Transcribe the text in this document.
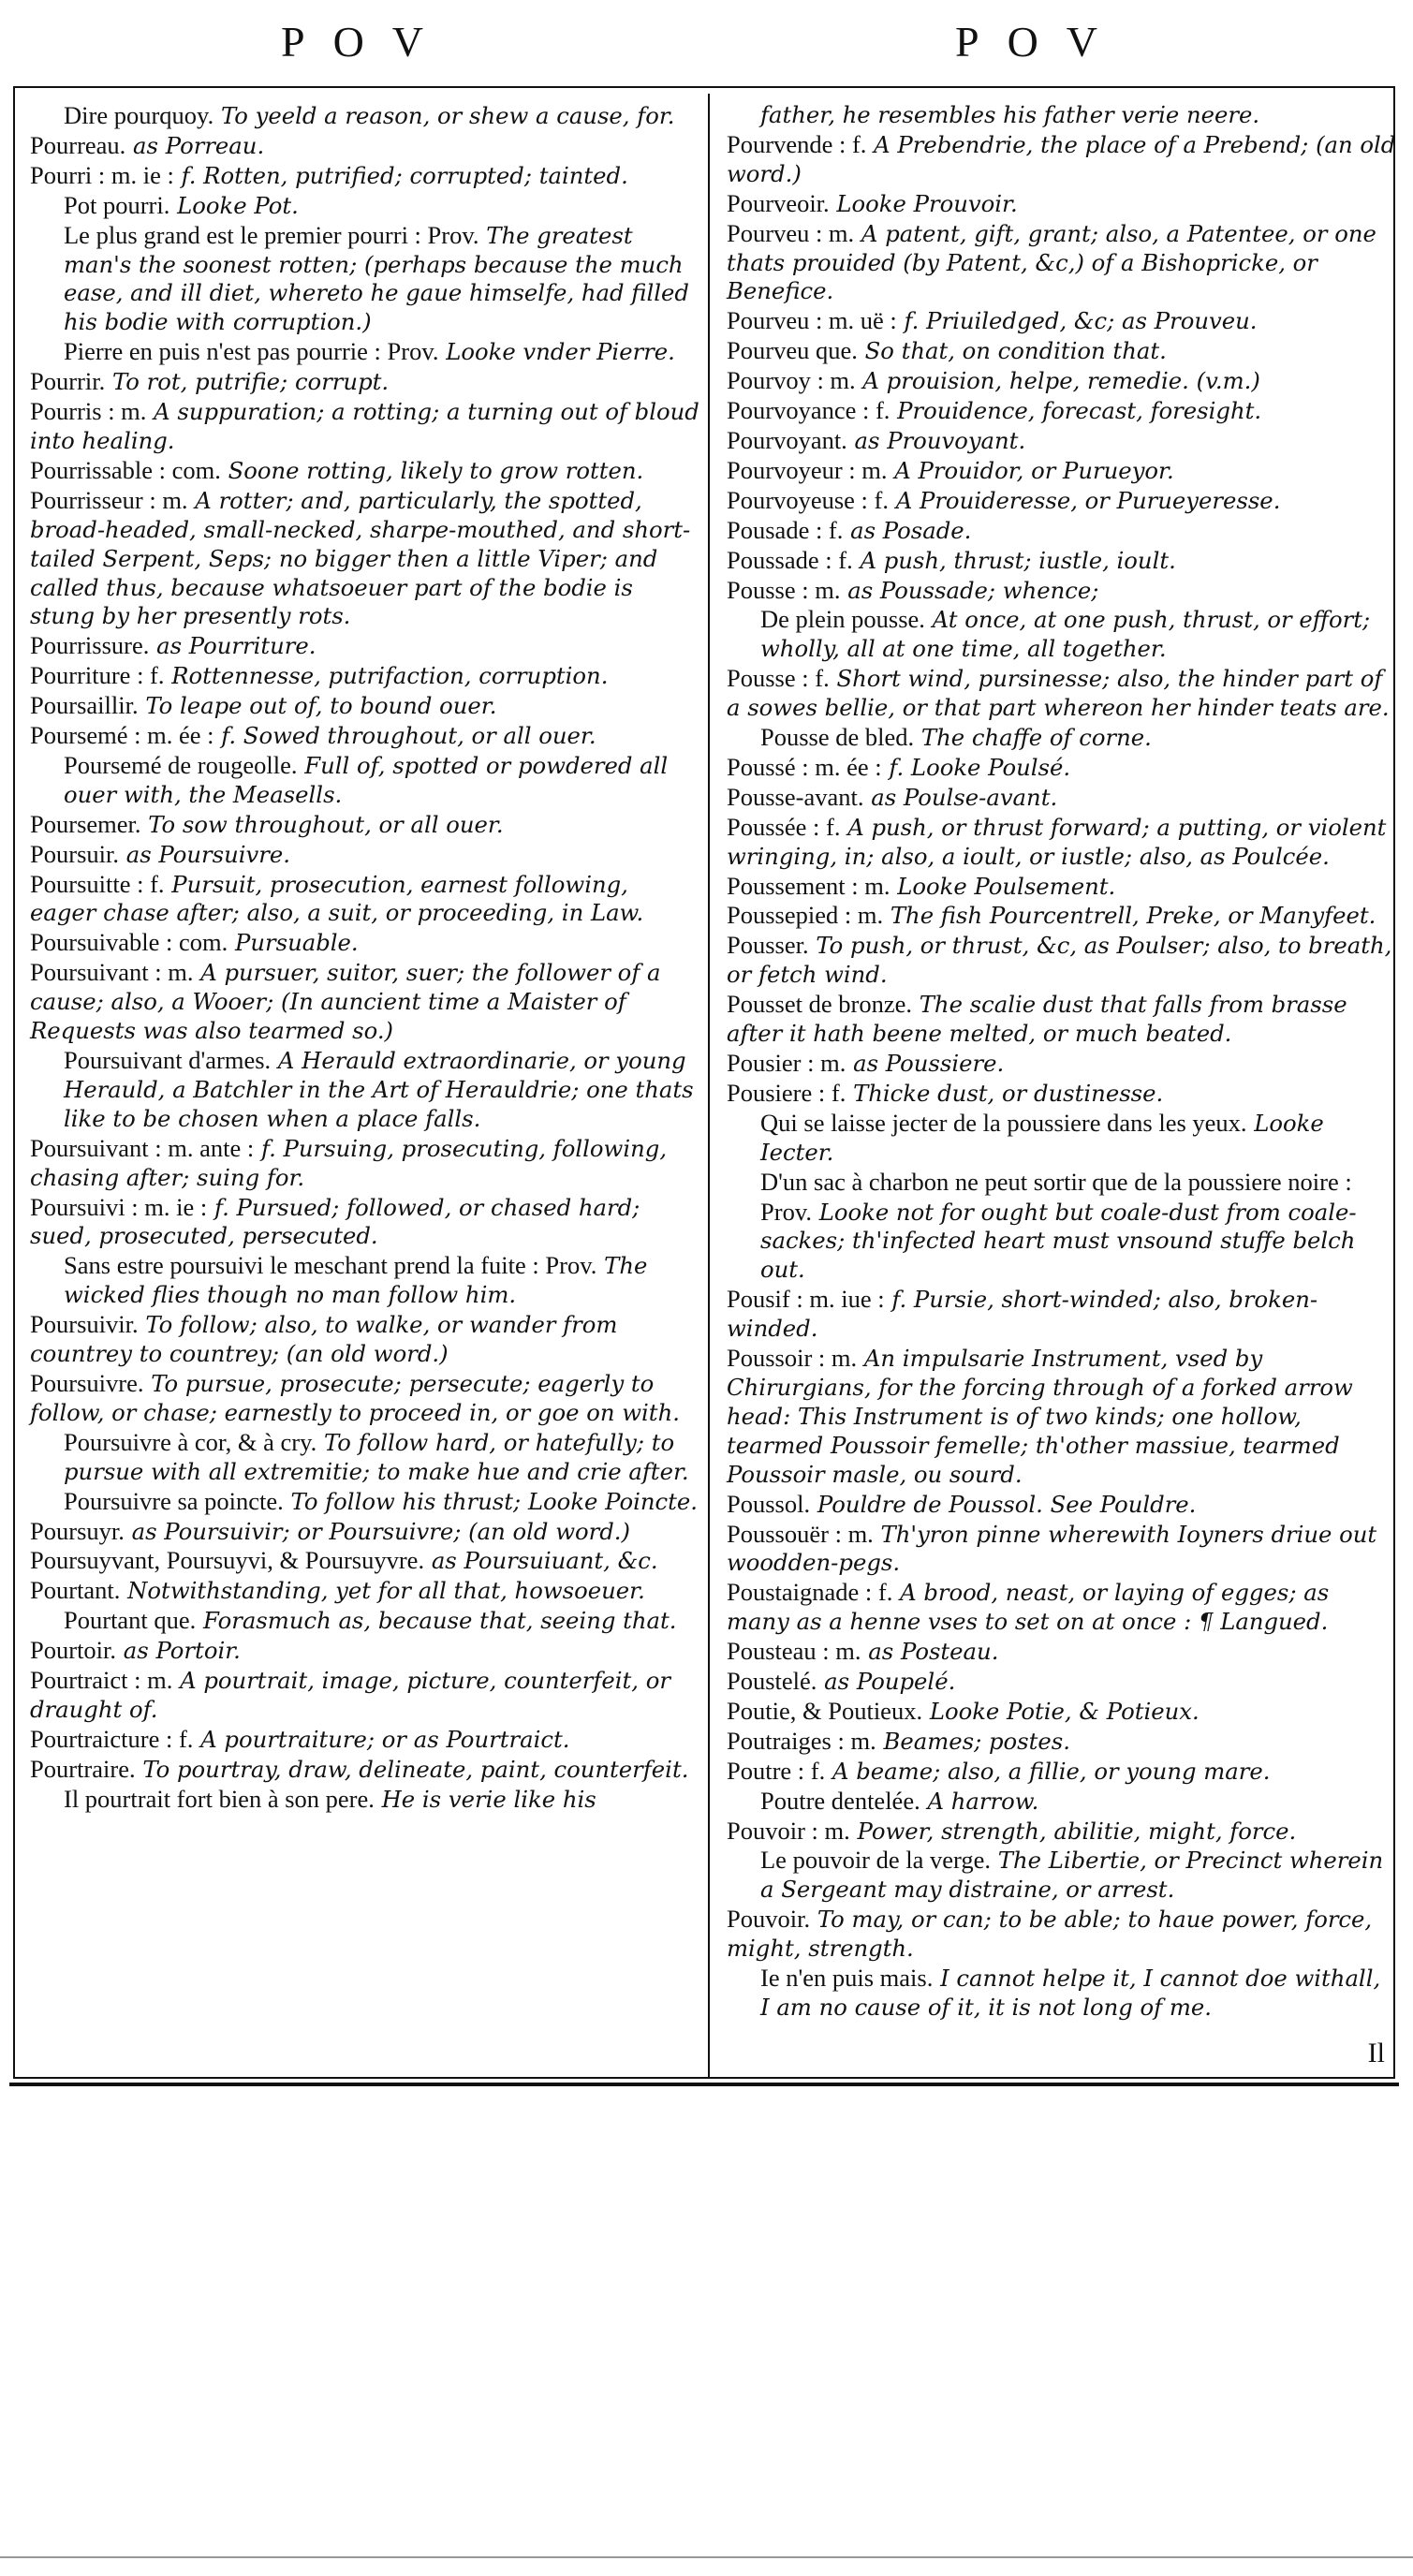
POV	POV

Dire pourquoy. To yeeld a reason, or shew a cause, for.

Pourreau. as Porreau.

Pourri : m. ie : f. Rotten, putrified; corrupted; tainted.

Pot pourri. Looke Pot.

Le plus grand est le premier pourri : Prov. The greatest man's the soonest rotten; (perhaps because the much ease, and ill diet, whereto he gaue himselfe, had filled his bodie with corruption.)

Pierre en puis n'est pas pourrie : Prov. Looke vnder Pierre.

Pourrir. To rot, putrifie; corrupt.

Pourris : m. A suppuration; a rotting; a turning out of bloud into healing.

Pourrissable : com. Soone rotting, likely to grow rotten.

Pourrisseur : m. A rotter; and, particularly, the spotted, broad-headed, small-necked, sharpe-mouthed, and short-tailed Serpent, Seps; no bigger then a little Viper; and called thus, because whatsoeuer part of the bodie is stung by her presently rots.

Pourrissure. as Pourriture.

Pourriture : f. Rottennesse, putrifaction, corruption.

Poursaillir. To leape out of, to bound ouer.

Poursemé : m. ée : f. Sowed throughout, or all ouer.

Poursemé de rougeolle. Full of, spotted or powdered all ouer with, the Measells.

Poursemer. To sow throughout, or all ouer.

Poursuir. as Poursuivre.

Poursuitte : f. Pursuit, prosecution, earnest following, eager chase after; also, a suit, or proceeding, in Law.

Poursuivable : com. Pursuable.

Poursuivant : m. A pursuer, suitor, suer; the follower of a cause; also, a Wooer; (In auncient time a Maister of Requests was also tearmed so.)

Poursuivant d'armes. A Herauld extraordinarie, or young Herauld, a Batchler in the Art of Herauldrie; one thats like to be chosen when a place falls.

Poursuivant : m. ante : f. Pursuing, prosecuting, following, chasing after; suing for.

Poursuivi : m. ie : f. Pursued; followed, or chased hard; sued, prosecuted, persecuted.

Sans estre poursuivi le meschant prend la fuite : Prov. The wicked flies though no man follow him.

Poursuivir. To follow; also, to walke, or wander from countrey to countrey; (an old word.)

Poursuivre. To pursue, prosecute; persecute; eagerly to follow, or chase; earnestly to proceed in, or goe on with.

Poursuivre à cor, & à cry. To follow hard, or hatefully; to pursue with all extremitie; to make hue and crie after.

Poursuivre sa poincte. To follow his thrust; Looke Poincte.

Poursuyr. as Poursuivir; or Poursuivre; (an old word.)

Poursuyvant, Poursuyvi, & Poursuyvre. as Poursuiuant, &c.

Pourtant. Notwithstanding, yet for all that, howsoeuer.

Pourtant que. Forasmuch as, because that, seeing that.

Pourtoir. as Portoir.

Pourtraict : m. A pourtrait, image, picture, counterfeit, or draught of.

Pourtraicture : f. A pourtraiture; or as Pourtraict.

Pourtraire. To pourtray, draw, delineate, paint, counterfeit.

Il pourtrait fort bien à son pere. He is verie like his

father, he resembles his father verie neere.

Pourvende : f. A Prebendrie, the place of a Prebend; (an old word.)

Pourveoir. Looke Prouvoir.

Pourveu : m. A patent, gift, grant; also, a Patentee, or one thats prouided (by Patent, &c,) of a Bishopricke, or Benefice.

Pourveu : m. uë : f. Priuiledged, &c; as Prouveu.

Pourveu que. So that, on condition that.

Pourvoy : m. A prouision, helpe, remedie. (v.m.)

Pourvoyance : f. Prouidence, forecast, foresight.

Pourvoyant. as Prouvoyant.

Pourvoyeur : m. A Prouidor, or Purueyor.

Pourvoyeuse : f. A Prouideresse, or Purueyeresse.

Pousade : f. as Posade.

Poussade : f. A push, thrust; iustle, ioult.

Pousse : m. as Poussade; whence;

De plein pousse. At once, at one push, thrust, or effort; wholly, all at one time, all together.

Pousse : f. Short wind, pursinesse; also, the hinder part of a sowes bellie, or that part whereon her hinder teats are.

Pousse de bled. The chaffe of corne.

Poussé : m. ée : f. Looke Poulsé.

Pousse-avant. as Poulse-avant.

Poussée : f. A push, or thrust forward; a putting, or violent wringing, in; also, a ioult, or iustle; also, as Poulcée.

Poussement : m. Looke Poulsement.

Poussepied : m. The fish Pourcentrell, Preke, or Manyfeet.

Pousser. To push, or thrust, &c, as Poulser; also, to breath, or fetch wind.

Pousset de bronze. The scalie dust that falls from brasse after it hath beene melted, or much beated.

Pousier : m. as Poussiere.

Pousiere : f. Thicke dust, or dustinesse.

Qui se laisse jecter de la poussiere dans les yeux. Looke Iecter.

D'un sac à charbon ne peut sortir que de la poussiere noire : Prov. Looke not for ought but coale-dust from coale-sackes; th'infected heart must vnsound stuffe belch out.

Pousif : m. iue : f. Pursie, short-winded; also, broken-winded.

Poussoir : m. An impulsarie Instrument, vsed by Chirurgians, for the forcing through of a forked arrow head: This Instrument is of two kinds; one hollow, tearmed Poussoir femelle; th'other massiue, tearmed Poussoir masle, ou sourd.

Poussol. Pouldre de Poussol. See Pouldre.

Poussouër : m. Th'yron pinne wherewith Ioyners driue out woodden-pegs.

Poustaignade : f. A brood, neast, or laying of egges; as many as a henne vses to set on at once : ¶ Langued.

Pousteau : m. as Posteau.

Poustelé. as Poupelé.

Poutie, & Poutieux. Looke Potie, & Potieux.

Poutraiges : m. Beames; postes.

Poutre : f. A beame; also, a fillie, or young mare.

Poutre dentelée. A harrow.

Pouvoir : m. Power, strength, abilitie, might, force.

Le pouvoir de la verge. The Libertie, or Precinct wherein a Sergeant may distraine, or arrest.

Pouvoir. To may, or can; to be able; to haue power, force, might, strength.

Ie n'en puis mais. I cannot helpe it, I cannot doe withall, I am no cause of it, it is not long of me.

Il
